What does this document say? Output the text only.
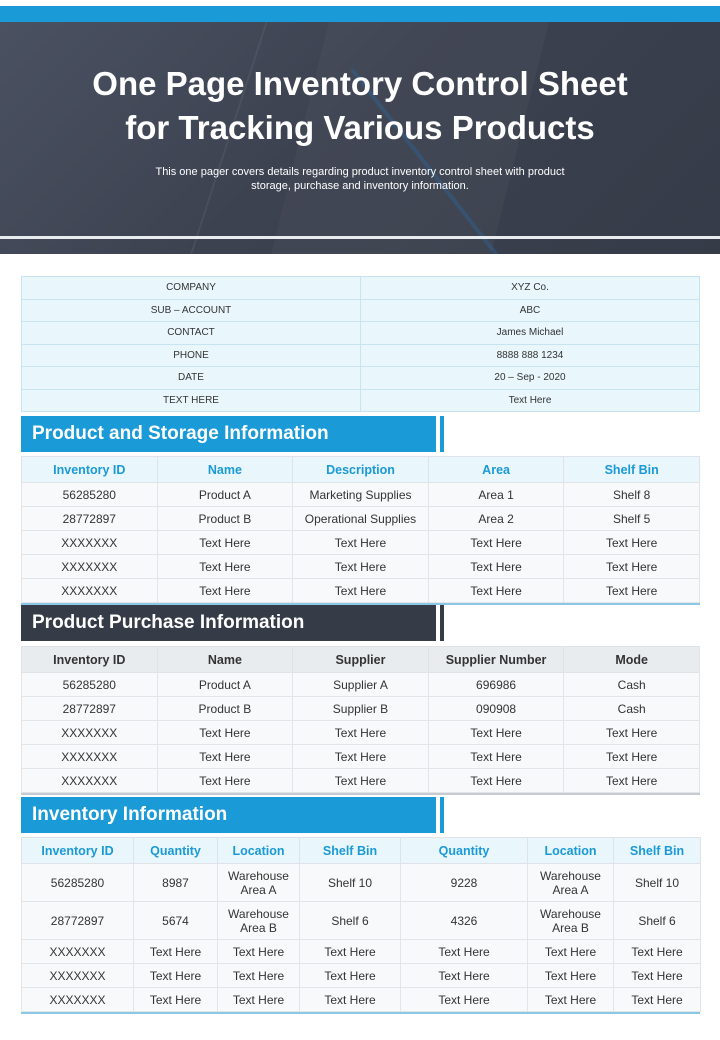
One Page Inventory Control Sheet
for Tracking Various Products

This one pager covers details regarding product inventory control sheet with product
storage, purchase and inventory information.

COMPANY	XYZ Co.
SUB – ACCOUNT	ABC
CONTACT	James Michael
PHONE	8888 888 1234
DATE	20 – Sep - 2020
TEXT HERE	Text Here
Product and Storage Information
Inventory ID	Name	Description	Area	Shelf Bin
56285280	Product A	Marketing Supplies	Area 1	Shelf 8
28772897	Product B	Operational Supplies	Area 2	Shelf 5
XXXXXXX	Text Here	Text Here	Text Here	Text Here
XXXXXXX	Text Here	Text Here	Text Here	Text Here
XXXXXXX	Text Here	Text Here	Text Here	Text Here
Product Purchase Information
Inventory ID	Name	Supplier	Supplier Number	Mode
56285280	Product A	Supplier A	696986	Cash
28772897	Product B	Supplier B	090908	Cash
XXXXXXX	Text Here	Text Here	Text Here	Text Here
XXXXXXX	Text Here	Text Here	Text Here	Text Here
XXXXXXX	Text Here	Text Here	Text Here	Text Here
Inventory Information
Inventory ID	Quantity	Location	Shelf Bin	Quantity	Location	Shelf Bin
56285280	8987	Warehouse Area A	Shelf 10	9228	Warehouse Area A	Shelf 10
28772897	5674	Warehouse Area B	Shelf 6	4326	Warehouse Area B	Shelf 6
XXXXXXX	Text Here	Text Here	Text Here	Text Here	Text Here	Text Here
XXXXXXX	Text Here	Text Here	Text Here	Text Here	Text Here	Text Here
XXXXXXX	Text Here	Text Here	Text Here	Text Here	Text Here	Text Here
